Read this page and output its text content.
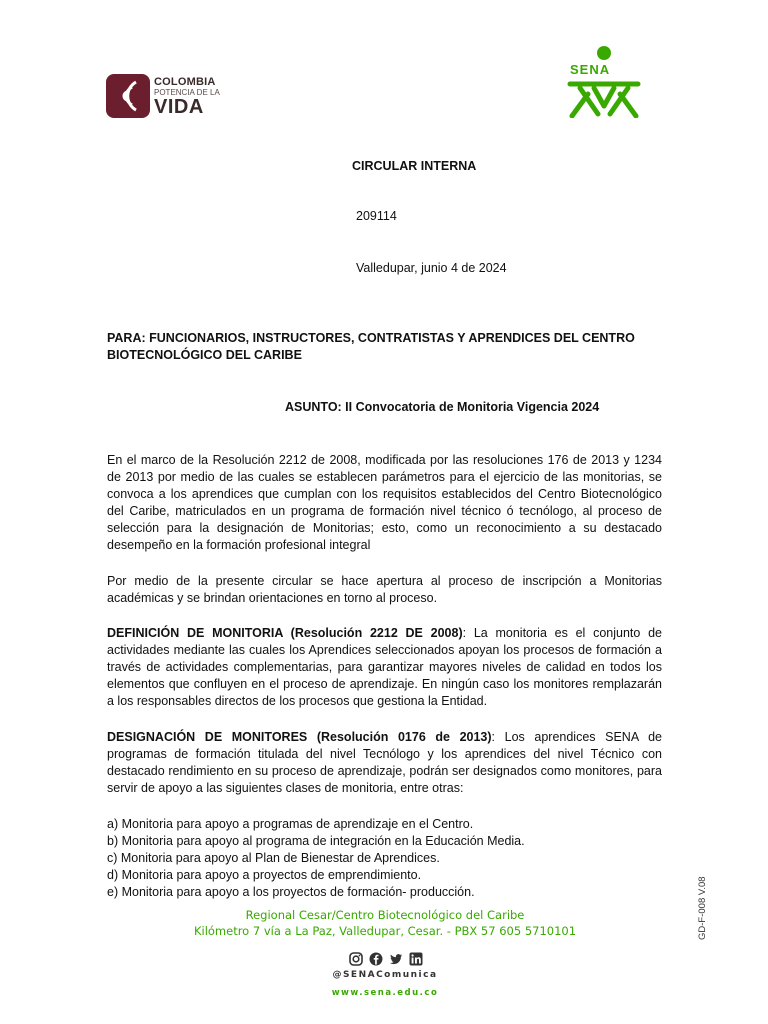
COLOMBIA
POTENCIA DE LA
VIDA
SENA
CIRCULAR INTERNA
209114
Valledupar, junio 4 de 2024
PARA: FUNCIONARIOS, INSTRUCTORES, CONTRATISTAS Y APRENDICES DEL CENTRO
BIOTECNOLÓGICO DEL CARIBE
ASUNTO: II Convocatoria de Monitoria Vigencia 2024
En el marco de la Resolución 2212 de 2008, modificada por las resoluciones 176 de 2013 y 1234 de 2013 por medio de las cuales se establecen parámetros para el ejercicio de las monitorias, se convoca a los aprendices que cumplan con los requisitos establecidos del Centro Biotecnológico del Caribe, matriculados en un programa de formación nivel técnico ó tecnólogo, al proceso de selección para la designación de Monitorias; esto, como un reconocimiento a su destacado desempeño en la formación profesional integral
Por medio de la presente circular se hace apertura al proceso de inscripción a Monitorias académicas y se brindan orientaciones en torno al proceso.
DEFINICIÓN DE MONITORIA (Resolución 2212 DE 2008): La monitoria es el conjunto de actividades mediante las cuales los Aprendices seleccionados apoyan los procesos de formación a través de actividades complementarias, para garantizar mayores niveles de calidad en todos los elementos que confluyen en el proceso de aprendizaje. En ningún caso los monitores remplazarán a los responsables directos de los procesos que gestiona la Entidad.
DESIGNACIÓN DE MONITORES (Resolución 0176 de 2013): Los aprendices SENA de programas de formación titulada del nivel Tecnólogo y los aprendices del nivel Técnico con destacado rendimiento en su proceso de aprendizaje, podrán ser designados como monitores, para servir de apoyo a las siguientes clases de monitoria, entre otras:
a) Monitoria para apoyo a programas de aprendizaje en el Centro.
b) Monitoria para apoyo al programa de integración en la Educación Media.
c) Monitoria para apoyo al Plan de Bienestar de Aprendices.
d) Monitoria para apoyo a proyectos de emprendimiento.
e) Monitoria para apoyo a los proyectos de formación- producción.
Regional Cesar/Centro Biotecnológico del Caribe
Kilómetro 7 vía a La Paz, Valledupar, Cesar. - PBX 57 605 5710101
@SENAComunica
www.sena.edu.co
GD-F-008 V.08
